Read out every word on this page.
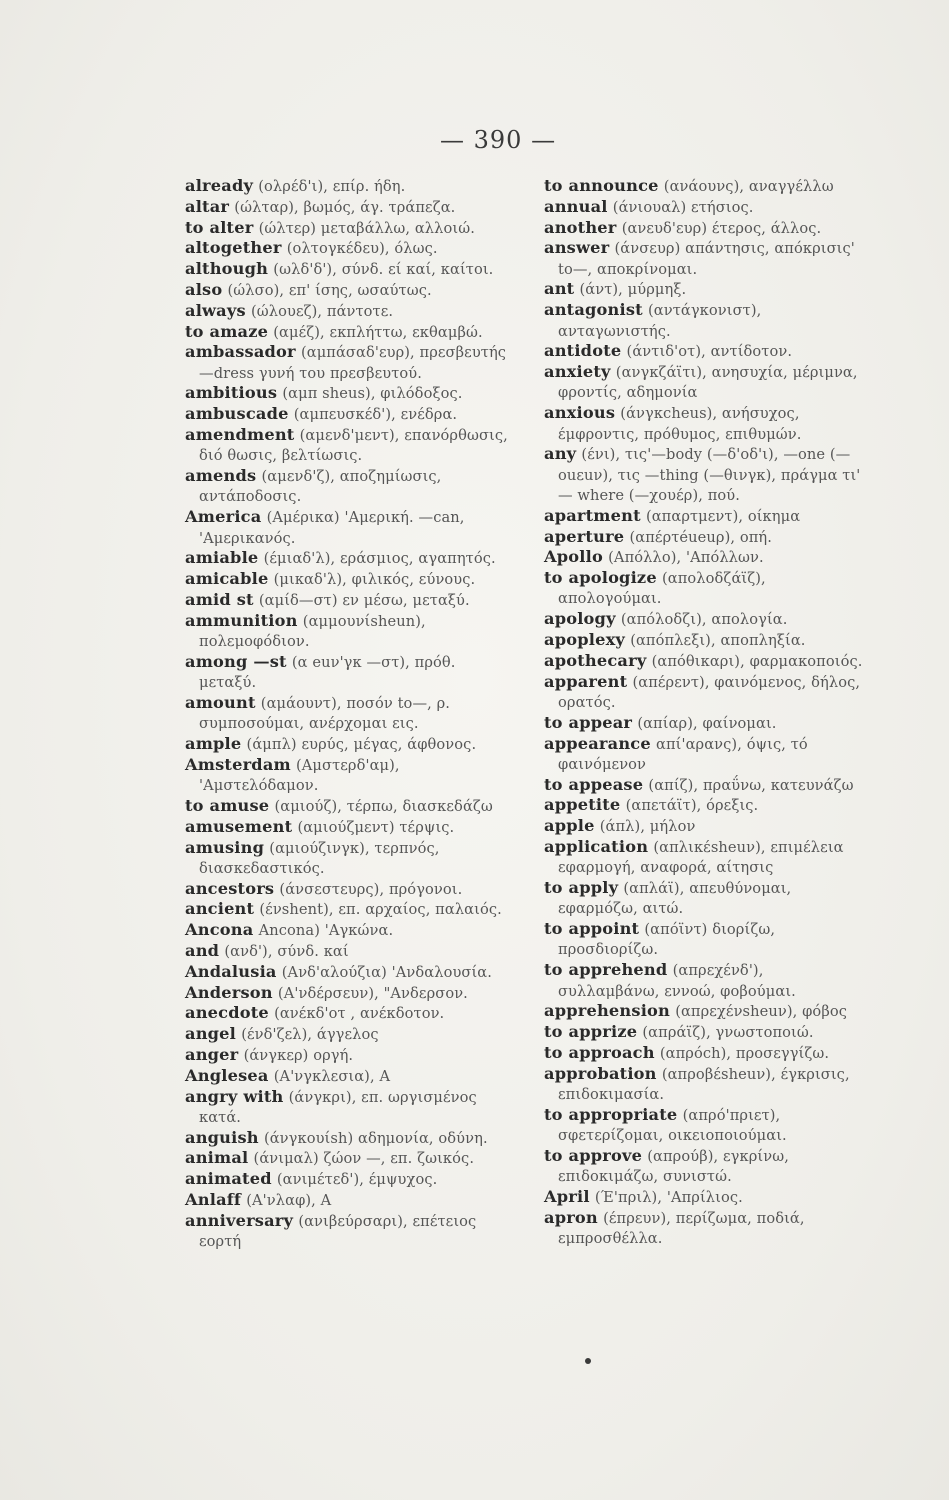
— 390 —
already (ολρέδ'ι), επίρ. ήδη.
altar (ώλταρ), βωμός, άγ. τράπεζα.
to alter (ώλτερ) μεταβάλλω, αλλοιώ.
altogether (ολτογκέδευ), όλως.
although (ωλδ'δ'), σύνδ. εί καί, καίτοι.
also (ώλσο), επ' ίσης, ωσαύτως.
always (ώλουεζ), πάντοτε.
to amaze (αμέζ), εκπλήττω, εκθαμβώ.
ambassador (αμπάσαδ'ευρ), πρεσβευτής —dress γυνή του πρεσβευτού.
ambitious (αμπ sheus), φιλόδοξος.
ambuscade (αμπευσκέδ'), ενέδρα.
amendment (αμενδ'μεντ), επανόρθωσις, διό θωσις, βελτίωσις.
amends (αμενδ'ζ), αποζημίωσις, αντάποδοσις.
America (Αμέρικα) 'Αμερική. —can, 'Αμερικανός.
amiable (έμιαδ'λ), εράσμιος, αγαπητός.
amicable (μικαδ'λ), φιλικός, εύνους.
amid st (αμίδ—στ) εν μέσω, μεταξύ.
ammunition (αμμουνίsheun), πολεμοφόδιον.
among —st (α euν'γκ —στ), πρόθ. μεταξύ.
amount (αμάουντ), ποσόν to—, ρ. συμποσούμαι, ανέρχομαι εις.
ample (άμπλ) ευρύς, μέγας, άφθονος.
Amsterdam (Αμστερδ'αμ), 'Αμστελόδαμον.
to amuse (αμιούζ), τέρπω, διασκεδάζω
amusement (αμιούζμεντ) τέρψις.
amusing (αμιούζινγκ), τερπνός, διασκεδαστικός.
ancestors (άνσεστευρς), πρόγονοι.
ancient (ένshent), επ. αρχαίος, παλαιός.
Ancona Ancona) 'Αγκώνα.
and (ανδ'), σύνδ. καί
Andalusia (Ανδ'αλούζια) 'Ανδαλουσία.
Anderson (Α'νδέρσευν), "Ανδερσον.
anecdote (ανέκδ'οτ , ανέκδοτον.
angel (ένδ'ζελ), άγγελος
anger (άνγκερ) οργή.
Anglesea (Α'νγκλεσια), Α
angry with (άνγκρι), επ. ωργισμένος κατά.
anguish (άνγκουίsh) αδημονία, οδύνη.
animal (άνιμαλ) ζώον —, επ. ζωικός.
animated (ανιμέτεδ'), έμψυχος.
Anlaff (Α'νλαφ), Α
anniversary (ανιβεύρσαρι), επέτειος εορτή
to announce (ανάουνς), αναγγέλλω
annual (άνιουαλ) ετήσιος.
another (ανευδ'ευρ) έτερος, άλλος.
answer (άνσευρ) απάντησις, απόκρισις' to—, αποκρίνομαι.
ant (άντ), μύρμηξ.
antagonist (αντάγκονιστ), ανταγωνιστής.
antidote (άντιδ'οτ), αντίδοτον.
anxiety (ανγκζάϊτι), ανησυχία, μέριμνα, φροντίς, αδημονία
anxious (άνγκcheus), ανήσυχος, έμφροντις, πρόθυμος, επιθυμών.
any (ένι), τις'—body (—δ'οδ'ι), —one (—ouεuν), τις —thing (—θινγκ), πράγμα τι' — where (—χουέρ), πού.
apartment (απαρτμεντ), οίκημα
aperture (απέρτéueuρ), οπή.
Apollo (Απόλλο), 'Απόλλων.
to apologize (απολοδζάϊζ), απολογούμαι.
apology (απόλοδζι), απολογία.
apoplexy (απόπλεξι), αποπληξία.
apothecary (απόθικαρι), φαρμακοποιός.
apparent (απέρεντ), φαινόμενος, δήλος, ορατός.
to appear (απίαρ), φαίνομαι.
appearance απί'αρανς), όψις, τό φαινόμενον
to appease (απίζ), πραΰνω, κατευνάζω
appetite (απετάϊτ), όρεξις.
apple (άπλ), μήλον
application (απλικέsheuν), επιμέλεια εφαρμογή, αναφορά, αίτησις
to apply (απλάϊ), απευθύνομαι, εφαρμόζω, αιτώ.
to appoint (απόϊντ) διορίζω, προσδιορίζω.
to apprehend (απρεχένδ'), συλλαμβάνω, εννοώ, φοβούμαι.
apprehension (απρεχένsheuν), φόβος
to apprize (απράϊζ), γνωστοποιώ.
to approach (απρόch), προσεγγίζω.
approbation (απροβέsheuν), έγκρισις, επιδοκιμασία.
to appropriate (απρό'πριετ), σφετερίζομαι, οικειοποιούμαι.
to approve (απρούβ), εγκρίνω, επιδοκιμάζω, συνιστώ.
April (Έ'πριλ), 'Απρίλιος.
apron (έπρευν), περίζωμα, ποδιά, εμπροσθέλλα.
